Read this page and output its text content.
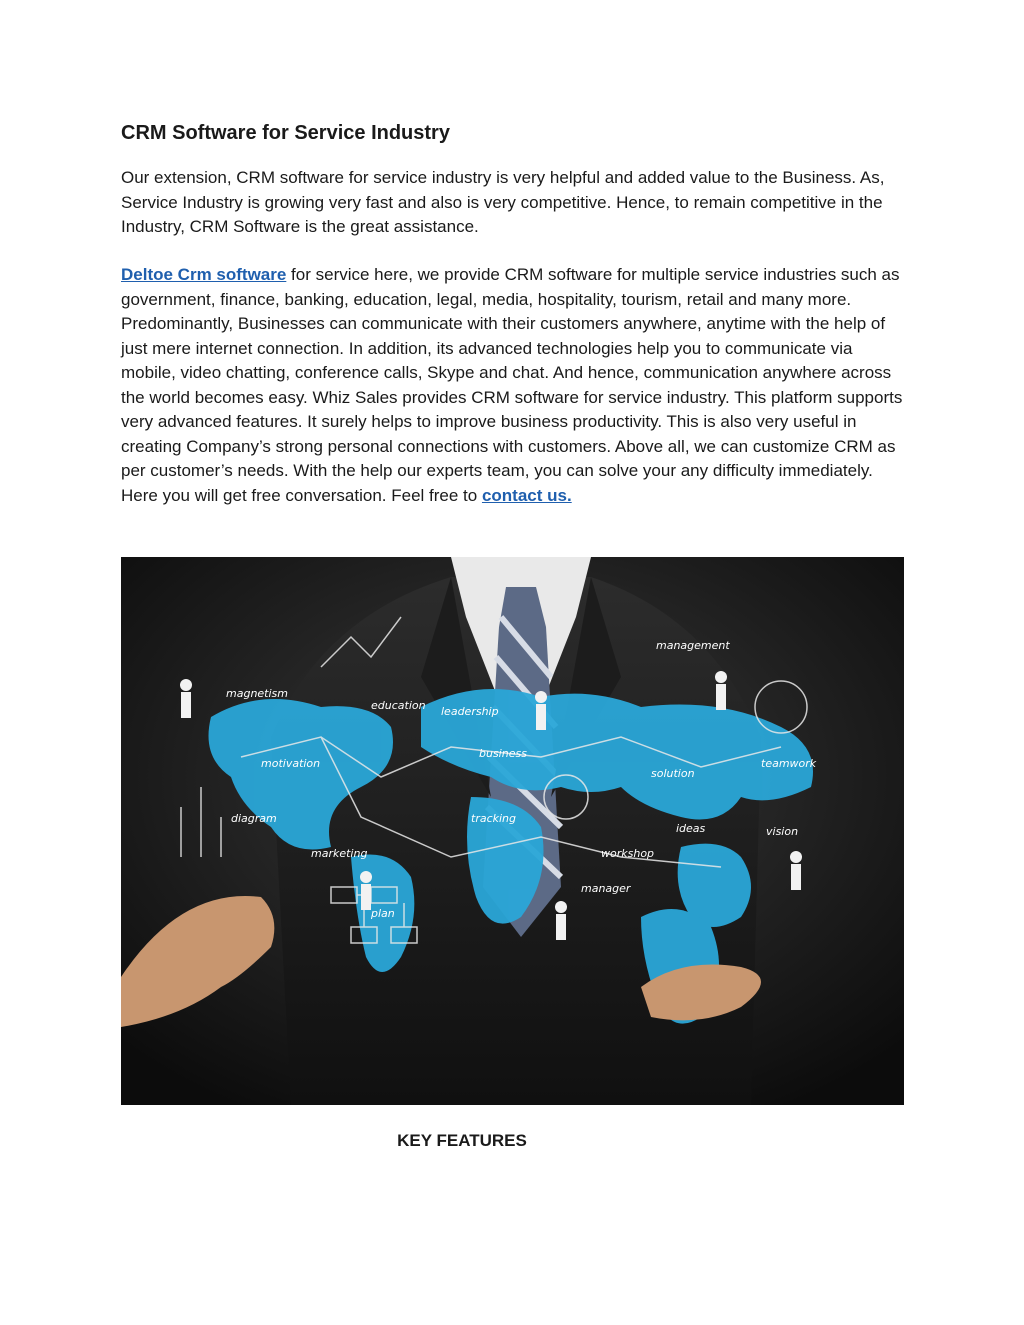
CRM Software for Service Industry

Our extension, CRM software for service industry is very helpful and added value to the Business. As, Service Industry is growing very fast and also is very competitive. Hence, to remain competitive in the Industry, CRM Software is the great assistance.

Deltoe Crm software for service here, we provide CRM software for multiple service industries such as government, finance, banking, education, legal, media, hospitality, tourism, retail and many more. Predominantly, Businesses can communicate with their customers anywhere, anytime with the help of just mere internet connection. In addition, its advanced technologies help you to communicate via mobile, video chatting, conference calls, Skype and chat. And hence, communication anywhere across the world becomes easy. Whiz Sales provides CRM software for service industry. This platform supports very advanced features. It surely helps to improve business productivity. This is also very useful in creating Company’s strong personal connections with customers. Above all, we can customize CRM as per customer’s needs. With the help our experts team, you can solve your any difficulty immediately. Here you will get free conversation. Feel free to contact us.

management
magnetism
education leadership
business
motivation
solution
diagram	tracking
ideas	vision
marketing	workshop
manager
plan
teamwork
KEY FEATURES
